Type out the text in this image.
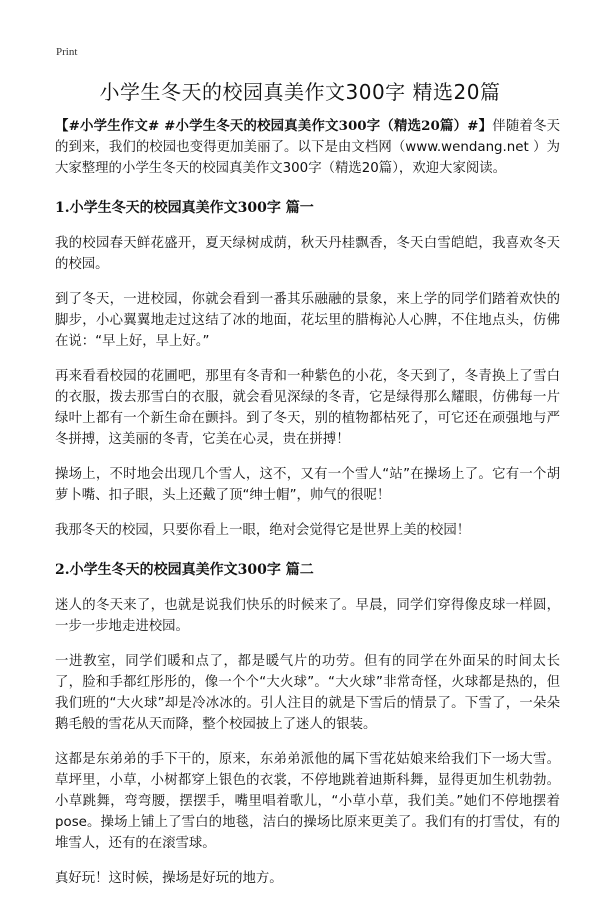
Print
小学生冬天的校园真美作文300字 精选20篇

【#小学生作文# #小学生冬天的校园真美作文300字（精选20篇）#】伴随着冬天的到来，我们的校园也变得更加美丽了。以下是由文档网（www.wendang.net ）为大家整理的小学生冬天的校园真美作文300字（精选20篇），欢迎大家阅读。

1.小学生冬天的校园真美作文300字 篇一

我的校园春天鲜花盛开，夏天绿树成荫，秋天丹桂飘香，冬天白雪皑皑，我喜欢冬天的校园。

到了冬天，一进校园，你就会看到一番其乐融融的景象，来上学的同学们踏着欢快的脚步，小心翼翼地走过这结了冰的地面，花坛里的腊梅沁人心脾，不住地点头，仿佛在说：“早上好，早上好。”

再来看看校园的花圃吧，那里有冬青和一种紫色的小花，冬天到了，冬青换上了雪白的衣服，拨去那雪白的衣服，就会看见深绿的冬青，它是绿得那么耀眼，仿佛每一片绿叶上都有一个新生命在颤抖。到了冬天，别的植物都枯死了，可它还在顽强地与严冬拼搏，这美丽的冬青，它美在心灵，贵在拼搏！

操场上，不时地会出现几个雪人，这不，又有一个雪人“站”在操场上了。它有一个胡萝卜嘴、扣子眼，头上还戴了顶“绅士帽”，帅气的很呢！

我那冬天的校园，只要你看上一眼，绝对会觉得它是世界上美的校园！

2.小学生冬天的校园真美作文300字 篇二

迷人的冬天来了，也就是说我们快乐的时候来了。早晨，同学们穿得像皮球一样圆，一步一步地走进校园。

一进教室，同学们暖和点了，都是暖气片的功劳。但有的同学在外面呆的时间太长了，脸和手都红彤彤的，像一个个“大火球”。“大火球”非常奇怪，火球都是热的，但我们班的“大火球”却是冷冰冰的。引人注目的就是下雪后的情景了。下雪了，一朵朵鹅毛般的雪花从天而降，整个校园披上了迷人的银装。

这都是东弟弟的手下干的，原来，东弟弟派他的属下雪花姑娘来给我们下一场大雪。草坪里，小草，小树都穿上银色的衣裳，不停地跳着迪斯科舞，显得更加生机勃勃。小草跳舞，弯弯腰，摆摆手，嘴里唱着歌儿，“小草小草，我们美。”她们不停地摆着pose。操场上铺上了雪白的地毯，洁白的操场比原来更美了。我们有的打雪仗，有的堆雪人，还有的在滚雪球。

真好玩！这时候，操场是好玩的地方。
